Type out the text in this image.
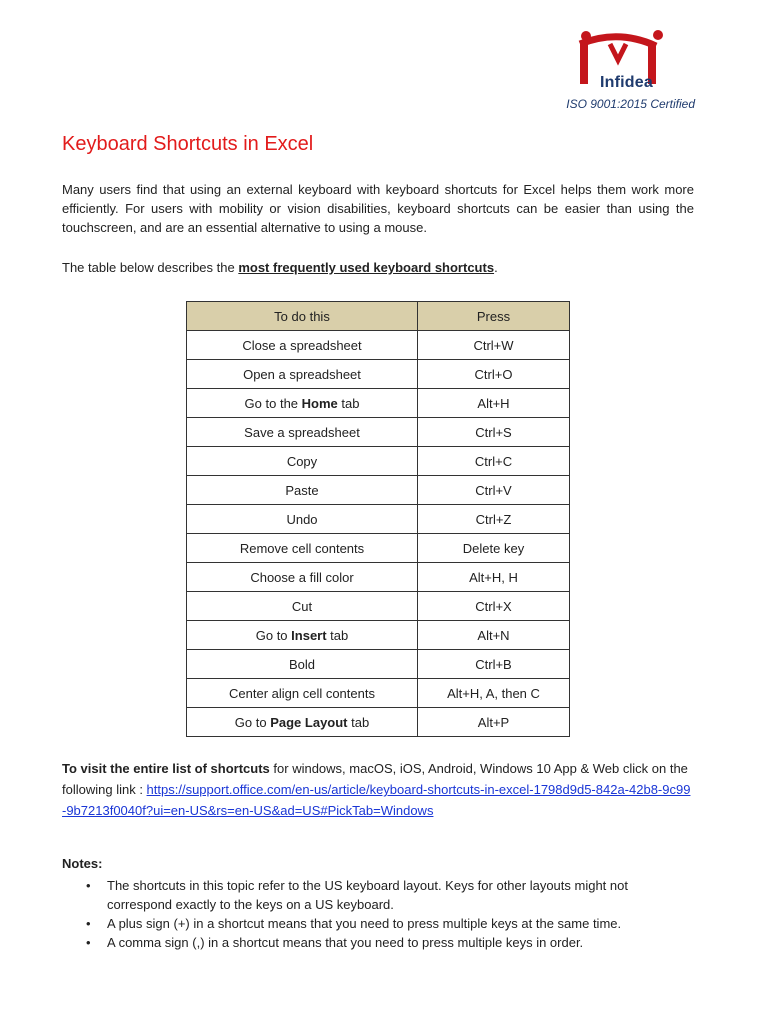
Infidea
ISO 9001:2015 Certified
Keyboard Shortcuts in Excel

Many users find that using an external keyboard with keyboard shortcuts for Excel helps them work more efficiently. For users with mobility or vision disabilities, keyboard shortcuts can be easier than using the touchscreen, and are an essential alternative to using a mouse.

The table below describes the most frequently used keyboard shortcuts.

To do this	Press
Close a spreadsheet	Ctrl+W
Open a spreadsheet	Ctrl+O
Go to the Home tab	Alt+H
Save a spreadsheet	Ctrl+S
Copy	Ctrl+C
Paste	Ctrl+V
Undo	Ctrl+Z
Remove cell contents	Delete key
Choose a fill color	Alt+H, H
Cut	Ctrl+X
Go to Insert tab	Alt+N
Bold	Ctrl+B
Center align cell contents	Alt+H, A, then C
Go to Page Layout tab	Alt+P

To visit the entire list of shortcuts for windows, macOS, iOS, Android, Windows 10 App & Web click on the following link : https://support.office.com/en-us/article/keyboard-shortcuts-in-excel-1798d9d5-842a-42b8-9c99-9b7213f0040f?ui=en-US&rs=en-US&ad=US#PickTab=Windows

Notes:

• The shortcuts in this topic refer to the US keyboard layout. Keys for other layouts might not correspond exactly to the keys on a US keyboard.
• A plus sign (+) in a shortcut means that you need to press multiple keys at the same time.
• A comma sign (,) in a shortcut means that you need to press multiple keys in order.
